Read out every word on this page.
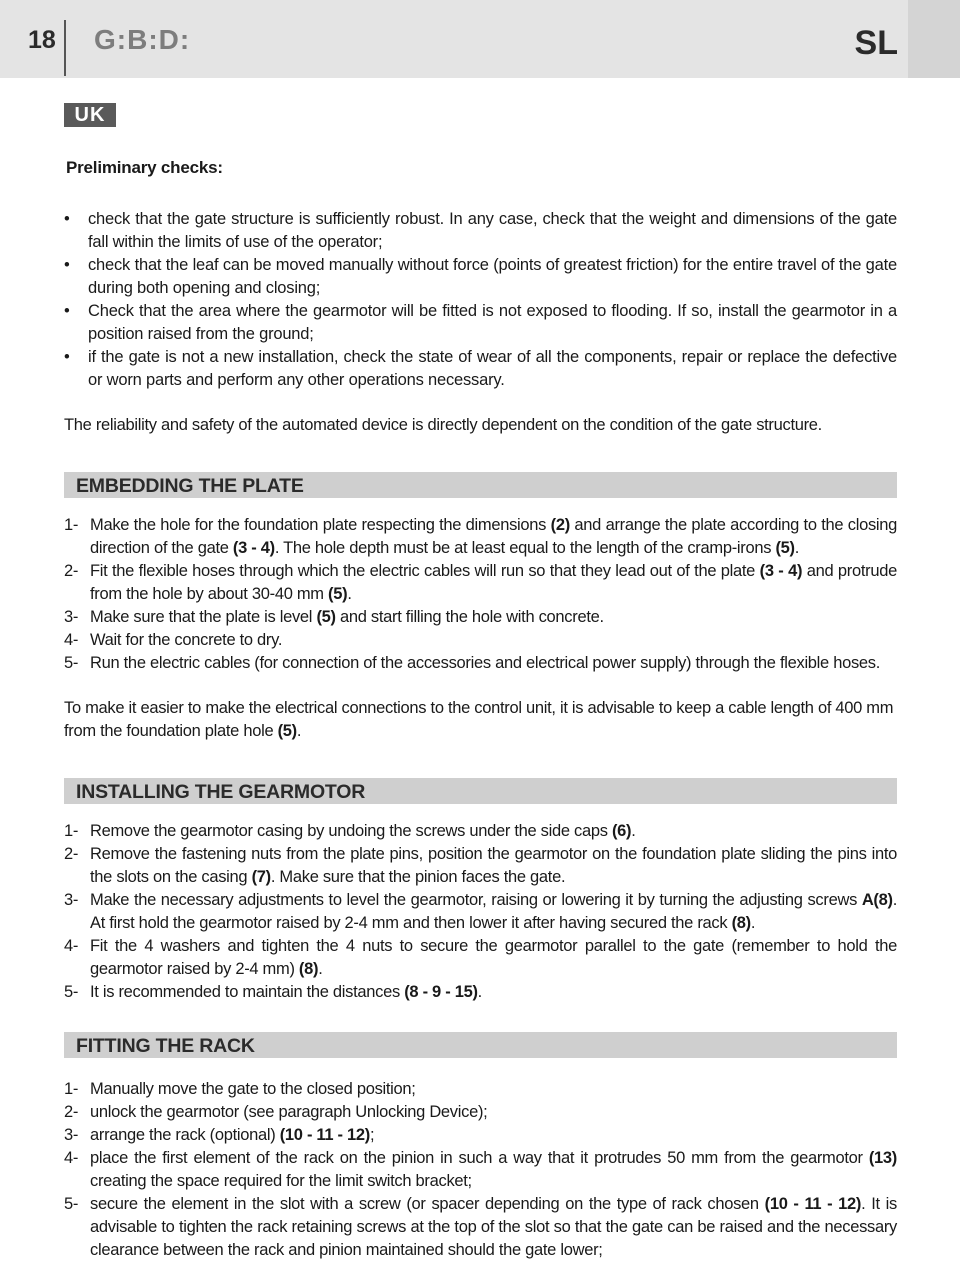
18 G:B:D:	SL
UK
Preliminary checks:
• check that the gate structure is sufficiently robust. In any case, check that the weight and dimensions of the gate fall within the limits of use of the operator;
• check that the leaf can be moved manually without force (points of greatest friction) for the entire travel of the gate during both opening and closing;
• Check that the area where the gearmotor will be fitted is not exposed to flooding. If so, install the gearmotor in a position raised from the ground;
• if the gate is not a new installation, check the state of wear of all the components, repair or replace the defective or worn parts and perform any other operations necessary.

The reliability and safety of the automated device is directly dependent on the condition of the gate structure.

EMBEDDING THE PLATE
1- Make the hole for the foundation plate respecting the dimensions (2) and arrange the plate according to the closing direction of the gate (3 - 4). The hole depth must be at least equal to the length of the cramp-irons (5).
2- Fit the flexible hoses through which the electric cables will run so that they lead out of the plate (3 - 4) and protrude from the hole by about 30-40 mm (5).
3- Make sure that the plate is level (5) and start filling the hole with concrete.
4- Wait for the concrete to dry.
5- Run the electric cables (for connection of the accessories and electrical power supply) through the flexible hoses.

To make it easier to make the electrical connections to the control unit, it is advisable to keep a cable length of 400 mm from the foundation plate hole (5).

INSTALLING THE GEARMOTOR
1- Remove the gearmotor casing by undoing the screws under the side caps (6).
2- Remove the fastening nuts from the plate pins, position the gearmotor on the foundation plate sliding the pins into the slots on the casing (7). Make sure that the pinion faces the gate.
3- Make the necessary adjustments to level the gearmotor, raising or lowering it by turning the adjusting screws A(8). At first hold the gearmotor raised by 2-4 mm and then lower it after having secured the rack (8).
4- Fit the 4 washers and tighten the 4 nuts to secure the gearmotor parallel to the gate (remember to hold the gearmotor raised by 2-4 mm) (8).
5- It is recommended to maintain the distances (8 - 9 - 15).
FITTING THE RACK
1- Manually move the gate to the closed position;
2- unlock the gearmotor (see paragraph Unlocking Device);
3- arrange the rack (optional) (10 - 11 - 12);
4- place the first element of the rack on the pinion in such a way that it protrudes 50 mm from the gearmotor (13) creating the space required for the limit switch bracket;
5- secure the element in the slot with a screw (or spacer depending on the type of rack chosen (10 - 11 - 12). It is advisable to tighten the rack retaining screws at the top of the slot so that the gate can be raised and the necessary clearance between the rack and pinion maintained should the gate lower;
